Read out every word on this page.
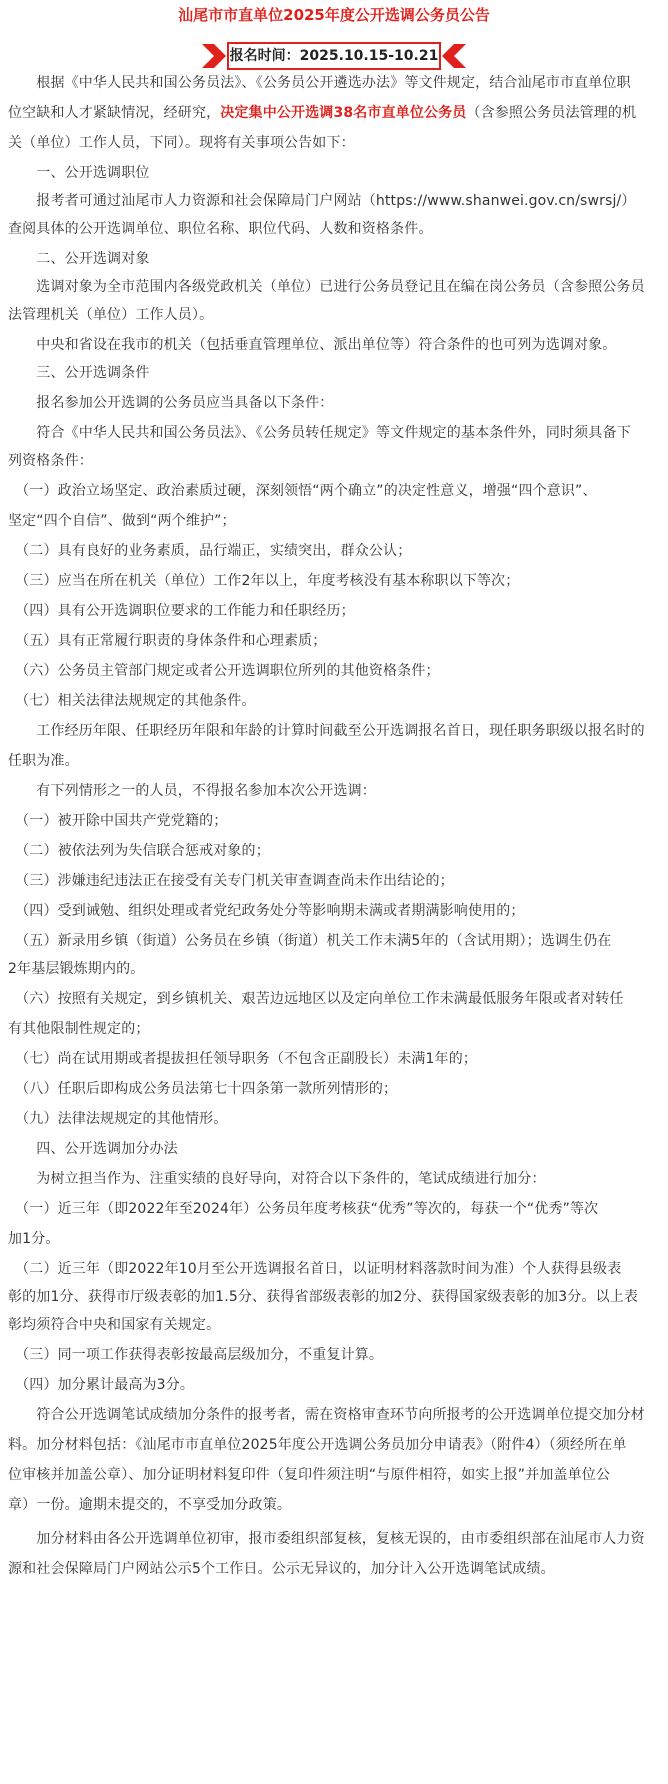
汕尾市市直单位2025年度公开选调公务员公告
报名时间：2025.10.15-10.21
　　根据《中华人民共和国公务员法》、《公务员公开遴选办法》等文件规定，结合汕尾市市直单位职
位空缺和人才紧缺情况，经研究，决定集中公开选调38名市直单位公务员（含参照公务员法管理的机
关（单位）工作人员，下同）。现将有关事项公告如下：
　　一、公开选调职位
　　报考者可通过汕尾市人力资源和社会保障局门户网站（https://www.shanwei.gov.cn/swrsj/）
查阅具体的公开选调单位、职位名称、职位代码、人数和资格条件。
　　二、公开选调对象
　　选调对象为全市范围内各级党政机关（单位）已进行公务员登记且在编在岗公务员（含参照公务员
法管理机关（单位）工作人员）。
　　中央和省设在我市的机关（包括垂直管理单位、派出单位等）符合条件的也可列为选调对象。
　　三、公开选调条件
　　报名参加公开选调的公务员应当具备以下条件：
　　符合《中华人民共和国公务员法》、《公务员转任规定》等文件规定的基本条件外，同时须具备下
列资格条件：
　（一）政治立场坚定、政治素质过硬，深刻领悟“两个确立”的决定性意义，增强“四个意识”、
坚定“四个自信”、做到“两个维护”；
　（二）具有良好的业务素质，品行端正，实绩突出，群众公认；
　（三）应当在所在机关（单位）工作2年以上，年度考核没有基本称职以下等次；
　（四）具有公开选调职位要求的工作能力和任职经历；
　（五）具有正常履行职责的身体条件和心理素质；
　（六）公务员主管部门规定或者公开选调职位所列的其他资格条件；
　（七）相关法律法规规定的其他条件。
　　工作经历年限、任职经历年限和年龄的计算时间截至公开选调报名首日，现任职务职级以报名时的
任职为准。
　　有下列情形之一的人员，不得报名参加本次公开选调：
　（一）被开除中国共产党党籍的；
　（二）被依法列为失信联合惩戒对象的；
　（三）涉嫌违纪违法正在接受有关专门机关审查调查尚未作出结论的；
　（四）受到诫勉、组织处理或者党纪政务处分等影响期未满或者期满影响使用的；
　（五）新录用乡镇（街道）公务员在乡镇（街道）机关工作未满5年的（含试用期）；选调生仍在
2年基层锻炼期内的。
　（六）按照有关规定，到乡镇机关、艰苦边远地区以及定向单位工作未满最低服务年限或者对转任
有其他限制性规定的；
　（七）尚在试用期或者提拔担任领导职务（不包含正副股长）未满1年的；
　（八）任职后即构成公务员法第七十四条第一款所列情形的；
　（九）法律法规规定的其他情形。
　　四、公开选调加分办法
　　为树立担当作为、注重实绩的良好导向，对符合以下条件的，笔试成绩进行加分：
　（一）近三年（即2022年至2024年）公务员年度考核获“优秀”等次的，每获一个“优秀”等次
加1分。
　（二）近三年（即2022年10月至公开选调报名首日，以证明材料落款时间为准）个人获得县级表
彰的加1分、获得市厅级表彰的加1.5分、获得省部级表彰的加2分、获得国家级表彰的加3分。以上表
彰均须符合中央和国家有关规定。
　（三）同一项工作获得表彰按最高层级加分，不重复计算。
　（四）加分累计最高为3分。
　　符合公开选调笔试成绩加分条件的报考者，需在资格审查环节向所报考的公开选调单位提交加分材
料。加分材料包括：《汕尾市市直单位2025年度公开选调公务员加分申请表》（附件4）（须经所在单
位审核并加盖公章）、加分证明材料复印件（复印件须注明“与原件相符，如实上报”并加盖单位公
章）一份。逾期未提交的，不享受加分政策。
　　加分材料由各公开选调单位初审，报市委组织部复核，复核无误的，由市委组织部在汕尾市人力资
源和社会保障局门户网站公示5个工作日。公示无异议的，加分计入公开选调笔试成绩。
